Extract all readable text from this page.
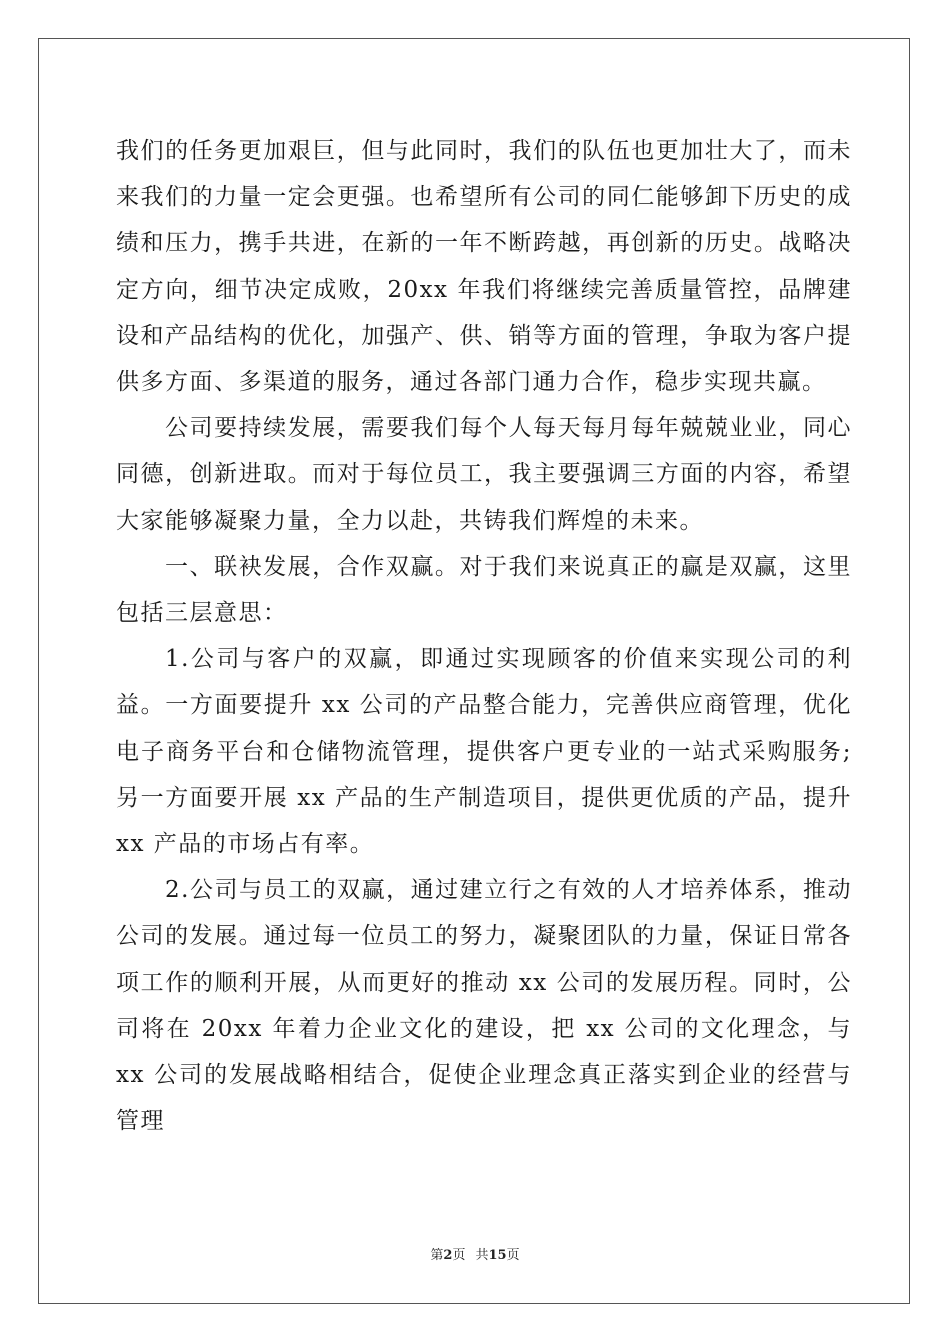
我们的任务更加艰巨，但与此同时，我们的队伍也更加壮大了，而未来我们的力量一定会更强。也希望所有公司的同仁能够卸下历史的成绩和压力，携手共进，在新的一年不断跨越，再创新的历史。战略决定方向，细节决定成败，20xx 年我们将继续完善质量管控，品牌建设和产品结构的优化，加强产、供、销等方面的管理，争取为客户提供多方面、多渠道的服务，通过各部门通力合作，稳步实现共赢。

公司要持续发展，需要我们每个人每天每月每年兢兢业业，同心同德，创新进取。而对于每位员工，我主要强调三方面的内容，希望大家能够凝聚力量，全力以赴，共铸我们辉煌的未来。

一、联袂发展，合作双赢。对于我们来说真正的赢是双赢，这里包括三层意思：

1.公司与客户的双赢，即通过实现顾客的价值来实现公司的利益。一方面要提升 xx 公司的产品整合能力，完善供应商管理，优化电子商务平台和仓储物流管理，提供客户更专业的一站式采购服务;另一方面要开展 xx 产品的生产制造项目，提供更优质的产品，提升 xx 产品的市场占有率。

2.公司与员工的双赢，通过建立行之有效的人才培养体系，推动公司的发展。通过每一位员工的努力，凝聚团队的力量，保证日常各项工作的顺利开展，从而更好的推动 xx 公司的发展历程。同时，公司将在 20xx 年着力企业文化的建设，把 xx 公司的文化理念，与 xx 公司的发展战略相结合，促使企业理念真正落实到企业的经营与管理

第2页 共15页
